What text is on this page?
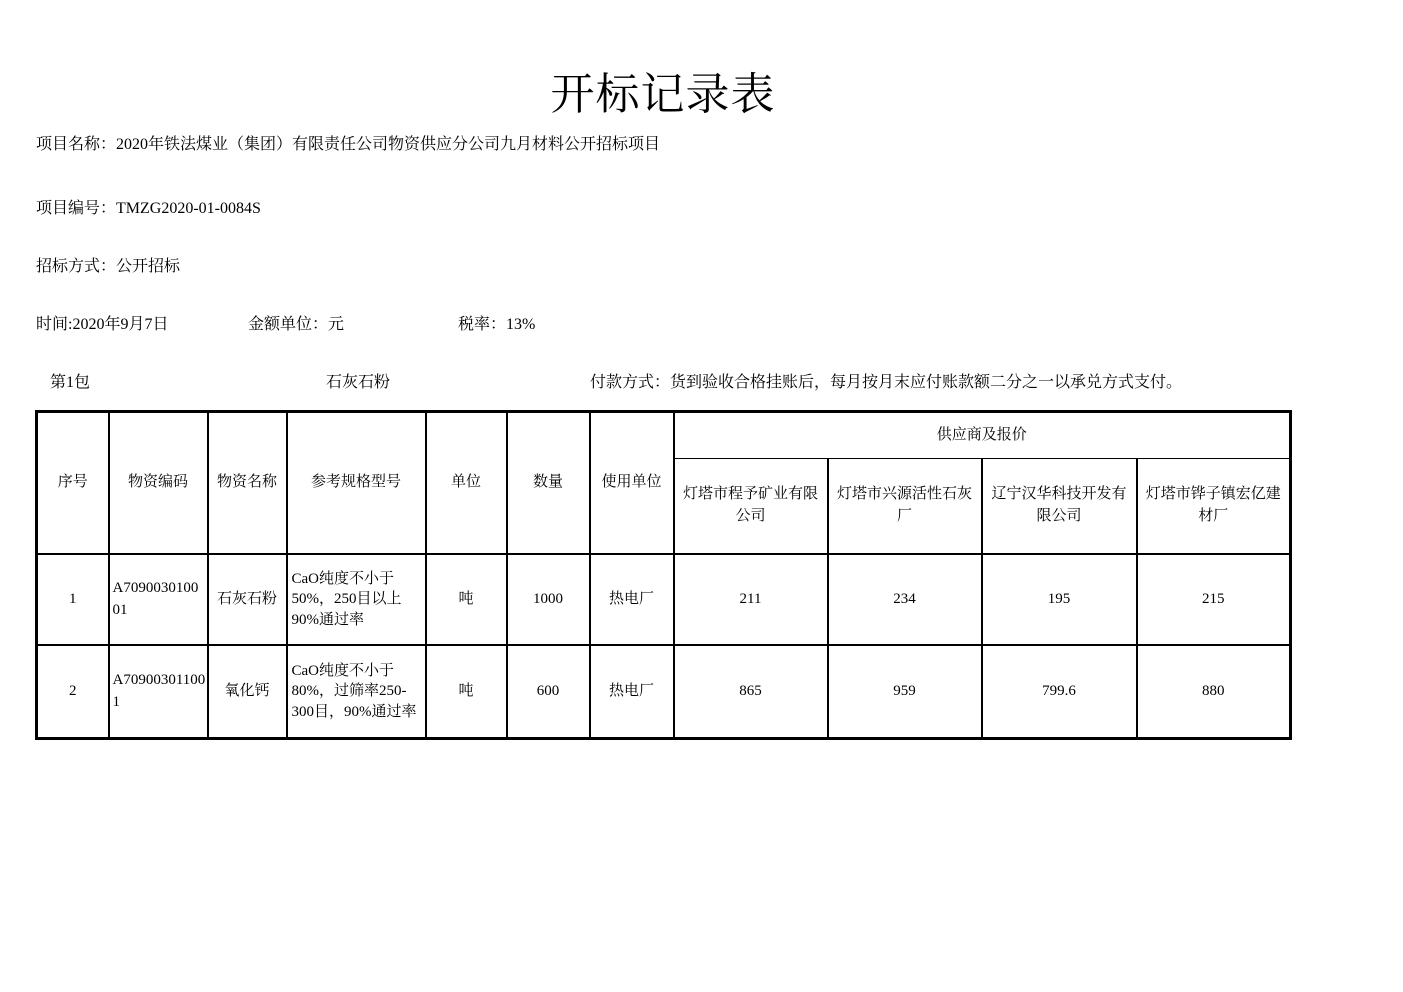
开标记录表
项目名称：2020年铁法煤业（集团）有限责任公司物资供应分公司九月材料公开招标项目
项目编号：TMZG2020-01-0084S
招标方式：公开招标
时间:2020年9月7日	金额单位：元	税率：13%
第1包	石灰石粉	付款方式：货到验收合格挂账后，每月按月末应付账款额二分之一以承兑方式支付。
序号	物资编码	物资名称	参考规格型号	单位	数量	使用单位	供应商及报价			
							灯塔市程予矿业有限公司	灯塔市兴源活性石灰厂	辽宁汉华科技开发有限公司	灯塔市铧子镇宏亿建材厂
1	A709003010001	石灰石粉	CaO纯度不小于50%，250目以上90%通过率	吨	1000	热电厂	211	234	195	215
2	A709003011001	氧化钙	CaO纯度不小于80%，过筛率250-300目，90%通过率	吨	600	热电厂	865	959	799.6	880
